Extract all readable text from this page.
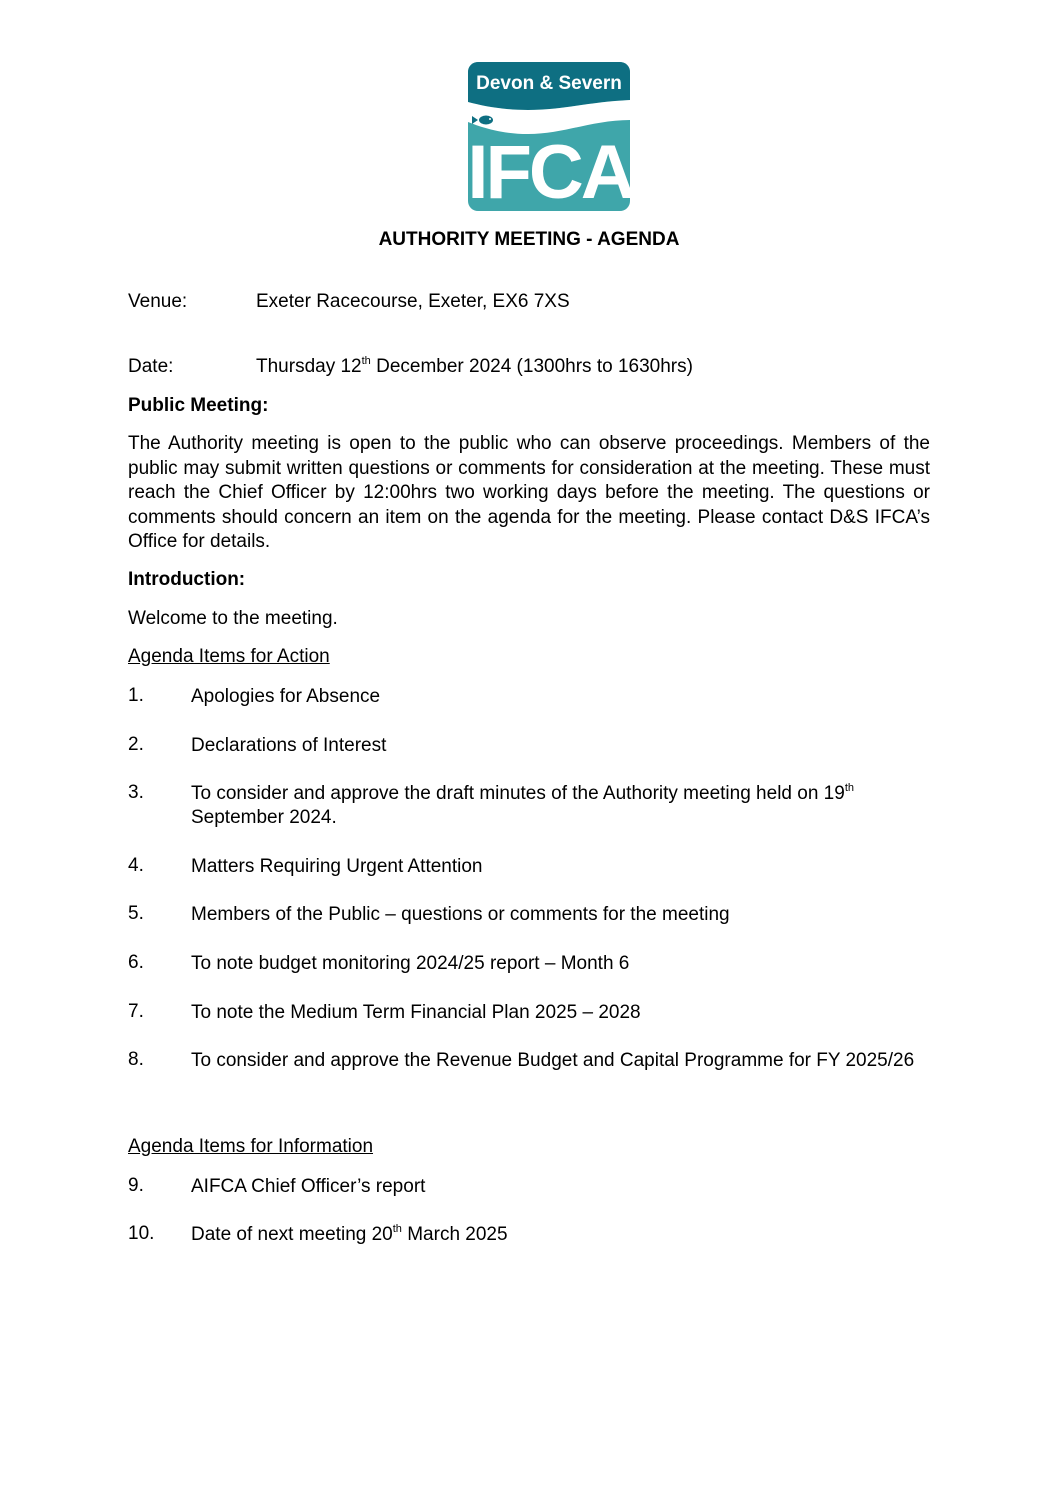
Devon & Severn
IFCA
AUTHORITY MEETING - AGENDA
Venue:	Exeter Racecourse, Exeter, EX6 7XS
Date:	Thursday 12th December 2024 (1300hrs to 1630hrs)
Public Meeting:
The Authority meeting is open to the public who can observe proceedings. Members of the public may submit written questions or comments for consideration at the meeting. These must reach the Chief Officer by 12:00hrs two working days before the meeting. The questions or comments should concern an item on the agenda for the meeting. Please contact D&S IFCA’s Office for details.
Introduction:
Welcome to the meeting.
Agenda Items for Action
1. Apologies for Absence
2. Declarations of Interest
3. To consider and approve the draft minutes of the Authority meeting held on 19th
September 2024.
4. Matters Requiring Urgent Attention
5. Members of the Public – questions or comments for the meeting
6. To note budget monitoring 2024/25 report – Month 6
7. To note the Medium Term Financial Plan 2025 – 2028
8. To consider and approve the Revenue Budget and Capital Programme for FY 2025/26
Agenda Items for Information
9. AIFCA Chief Officer’s report
10. Date of next meeting 20th March 2025
